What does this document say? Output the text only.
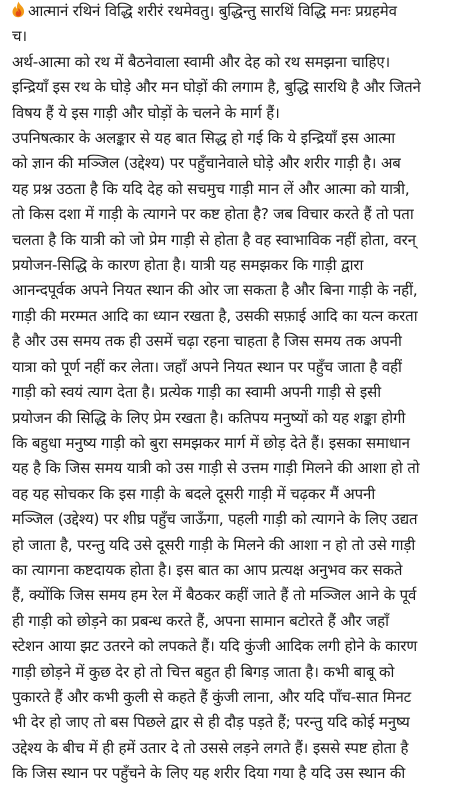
आत्मानं रथिनं विद्धि शरीरं रथमेवतु। बुद्धिन्तु सारथिं विद्धि मनः प्रग्रहमेव

च।

अर्थ-आत्मा को रथ में बैठनेवाला स्वामी और देह को रथ समझना चाहिए।

इन्द्रियाँ इस रथ के घोड़े और मन घोड़ों की लगाम है, बुद्धि सारथि है और जितने

विषय हैं ये इस गाड़ी और घोड़ों के चलने के मार्ग हैं।

उपनिषत्कार के अलङ्कार से यह बात सिद्ध हो गई कि ये इन्द्रियाँ इस आत्मा

को ज्ञान की मञ्जिल (उद्देश्य) पर पहुँचानेवाले घोड़े और शरीर गाड़ी है। अब

यह प्रश्न उठता है कि यदि देह को सचमुच गाड़ी मान लें और आत्मा को यात्री,

तो किस दशा में गाड़ी के त्यागने पर कष्ट होता है? जब विचार करते हैं तो पता

चलता है कि यात्री को जो प्रेम गाड़ी से होता है वह स्वाभाविक नहीं होता, वरन्

प्रयोजन-सिद्धि के कारण होता है। यात्री यह समझकर कि गाड़ी द्वारा

आनन्दपूर्वक अपने नियत स्थान की ओर जा सकता है और बिना गाड़ी के नहीं,

गाड़ी की मरम्मत आदि का ध्यान रखता है, उसकी सफ़ाई आदि का यत्न करता

है और उस समय तक ही उसमें चढ़ा रहना चाहता है जिस समय तक अपनी

यात्रा को पूर्ण नहीं कर लेता। जहाँ अपने नियत स्थान पर पहुँच जाता है वहीं

गाड़ी को स्वयं त्याग देता है। प्रत्येक गाड़ी का स्वामी अपनी गाड़ी से इसी

प्रयोजन की सिद्धि के लिए प्रेम रखता है। कतिपय मनुष्यों को यह शङ्का होगी

कि बहुधा मनुष्य गाड़ी को बुरा समझकर मार्ग में छोड़ देते हैं। इसका समाधान

यह है कि जिस समय यात्री को उस गाड़ी से उत्तम गाड़ी मिलने की आशा हो तो

वह यह सोचकर कि इस गाड़ी के बदले दूसरी गाड़ी में चढ़कर मैं अपनी

मञ्जिल (उद्देश्य) पर शीघ्र पहुँच जाऊँगा, पहली गाड़ी को त्यागने के लिए उद्यत

हो जाता है, परन्तु यदि उसे दूसरी गाड़ी के मिलने की आशा न हो तो उसे गाड़ी

का त्यागना कष्टदायक होता है। इस बात का आप प्रत्यक्ष अनुभव कर सकते

हैं, क्योंकि जिस समय हम रेल में बैठकर कहीं जाते हैं तो मञ्जिल आने के पूर्व

ही गाड़ी को छोड़ने का प्रबन्ध करते हैं, अपना सामान बटोरते हैं और जहाँ

स्टेशन आया झट उतरने को लपकते हैं। यदि कुंजी आदिक लगी होने के कारण

गाड़ी छोड़ने में कुछ देर हो तो चित्त बहुत ही बिगड़ जाता है। कभी बाबू को

पुकारते हैं और कभी कुली से कहते हैं कुंजी लाना, और यदि पाँच-सात मिनट

भी देर हो जाए तो बस पिछले द्वार से ही दौड़ पड़ते हैं; परन्तु यदि कोई मनुष्य

उद्देश्य के बीच में ही हमें उतार दे तो उससे लड़ने लगते हैं। इससे स्पष्ट होता है

कि जिस स्थान पर पहुँचने के लिए यह शरीर दिया गया है यदि उस स्थान की
